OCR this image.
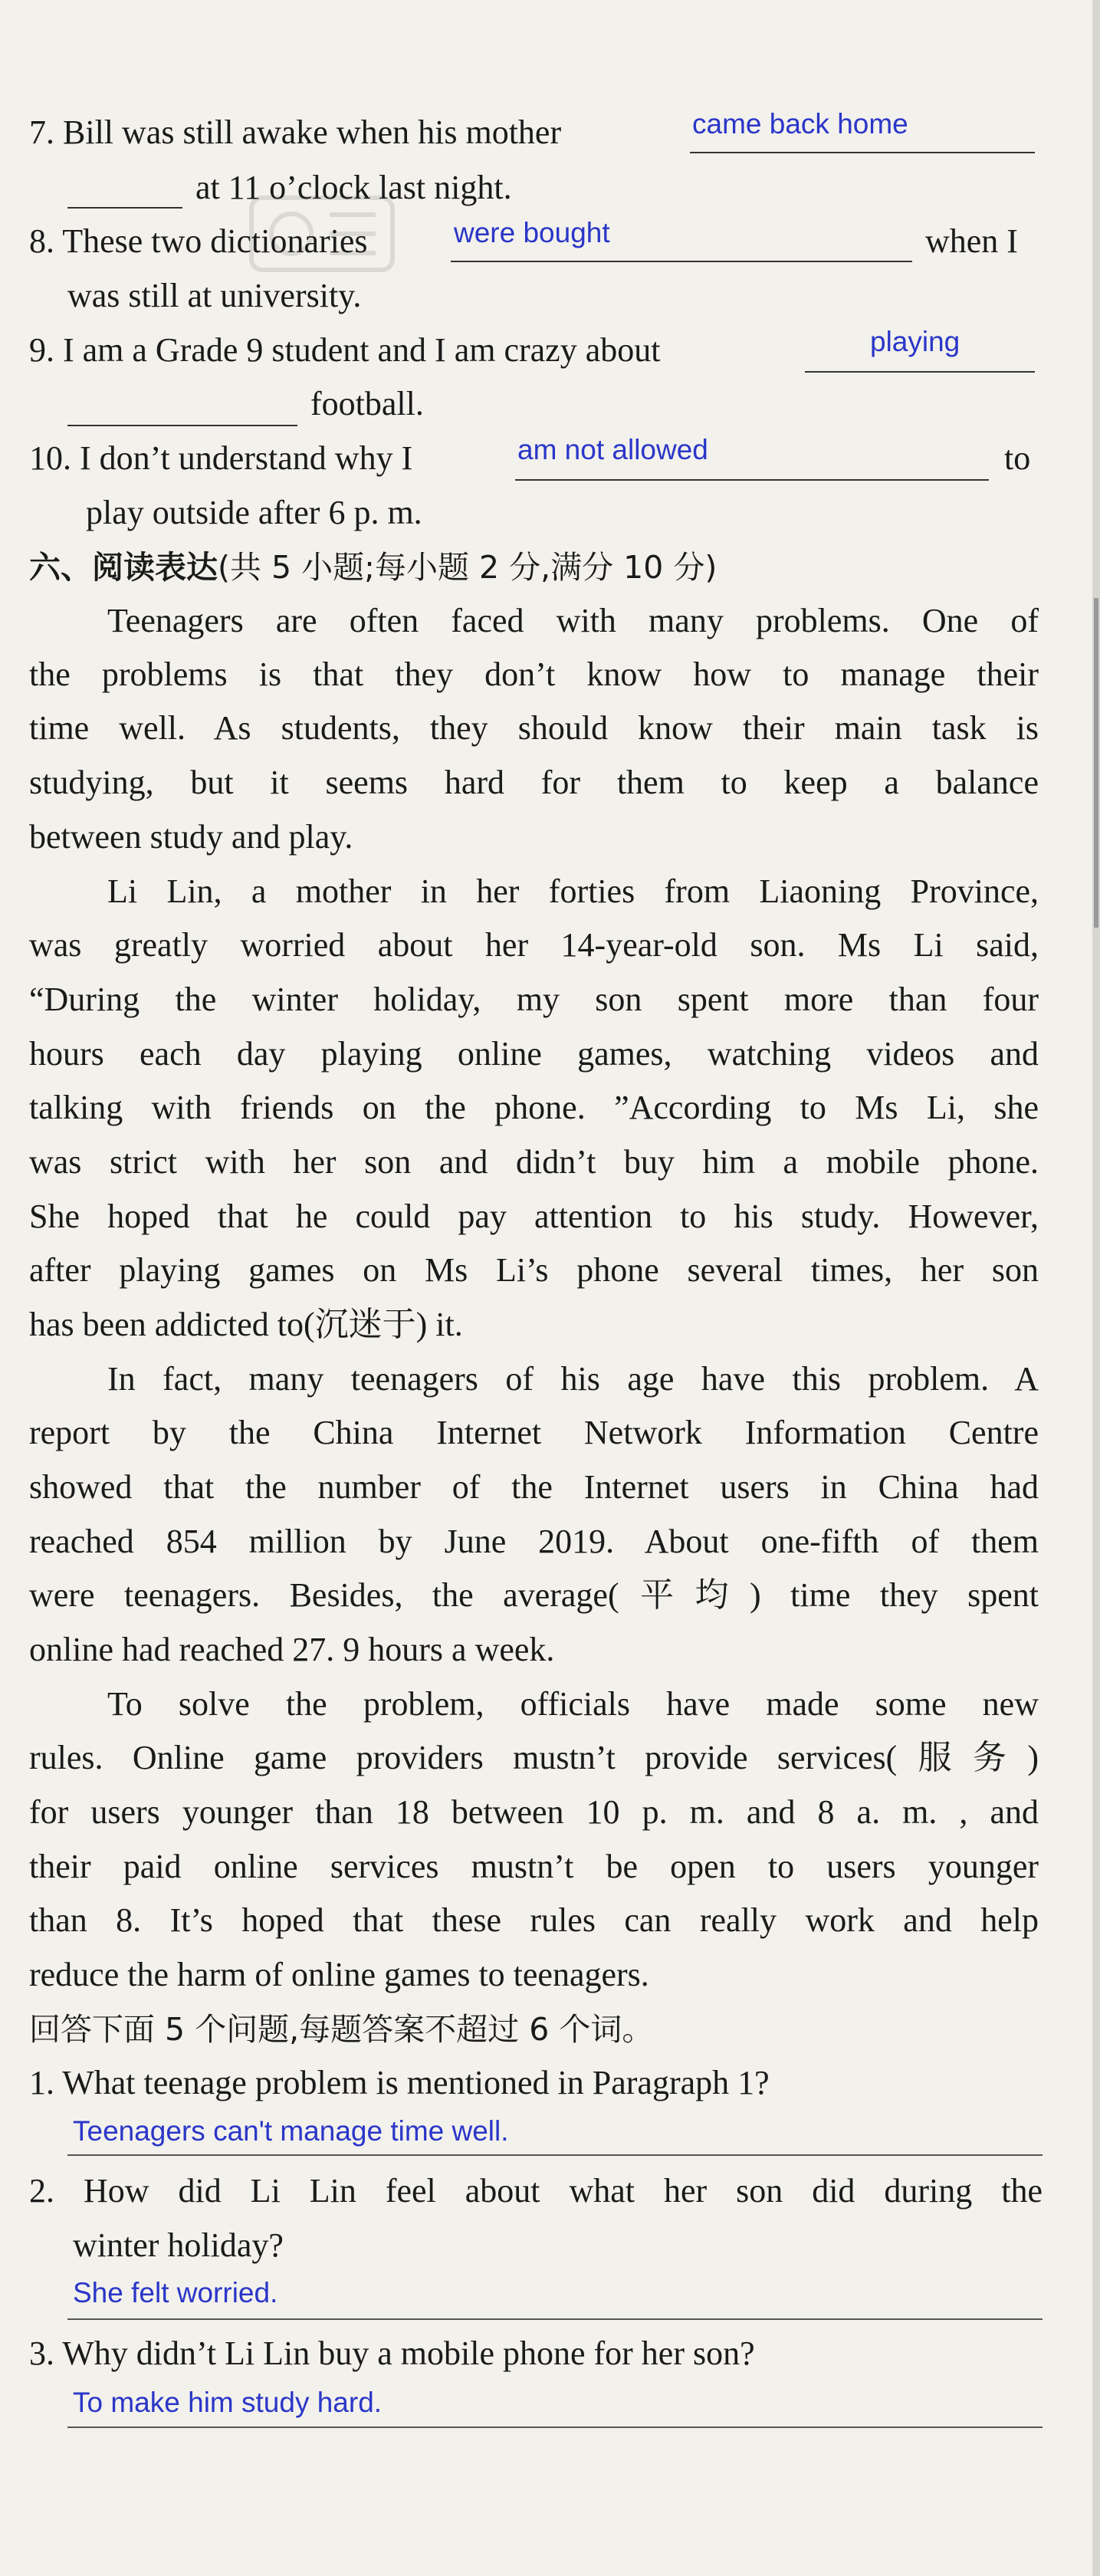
7. Bill was still awake when his mother	came back home
at 11 o’clock last night.
8. These two dictionaries	were bought	when I
was still at university.
9. I am a Grade 9 student and I am crazy about	playing
football.
10. I don’t understand why I	am not allowed	to
play outside after 6 p. m.
六、阅读表达(共 5 小题;每小题 2 分,满分 10 分)
Teenagers are often faced with many problems. One of
the problems is that they don’t know how to manage their
time well. As students, they should know their main task is
studying, but it seems hard for them to keep a balance
between study and play.
Li Lin, a mother in her forties from Liaoning Province,
was greatly worried about her 14-year-old son. Ms Li said,
“During the winter holiday, my son spent more than four
hours each day playing online games, watching videos and
talking with friends on the phone. ”According to Ms Li, she
was strict with her son and didn’t buy him a mobile phone.
She hoped that he could pay attention to his study. However,
after playing games on Ms Li’s phone several times, her son
has been addicted to(沉迷于) it.
In fact, many teenagers of his age have this problem. A
report by the China Internet Network Information Centre
showed that the number of the Internet users in China had
reached 854 million by June 2019. About one-fifth of them
were teenagers. Besides, the average(平均) time they spent
online had reached 27. 9 hours a week.
To solve the problem, officials have made some new
rules. Online game providers mustn’t provide services(服务)
for users younger than 18 between 10 p. m. and 8 a. m. , and
their paid online services mustn’t be open to users younger
than 8. It’s hoped that these rules can really work and help
reduce the harm of online games to teenagers.
回答下面 5 个问题,每题答案不超过 6 个词。
1. What teenage problem is mentioned in Paragraph 1?
Teenagers can't manage time well.
2. How did Li Lin feel about what her son did during the
winter holiday?
She felt worried.
3. Why didn’t Li Lin buy a mobile phone for her son?
To make him study hard.
